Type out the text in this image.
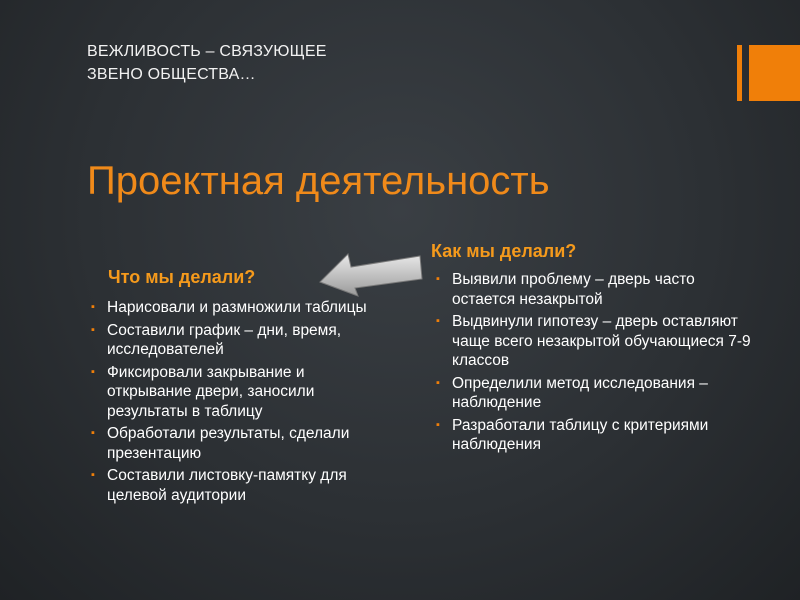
ВЕЖЛИВОСТЬ – СВЯЗУЮЩЕЕ
ЗВЕНО ОБЩЕСТВА…
Проектная деятельность
Что мы делали?
Как мы делали?
▪ Нарисовали и размножили таблицы
▪ Составили график – дни, время, исследователей
▪ Фиксировали закрывание и открывание двери, заносили результаты в таблицу
▪ Обработали результаты, сделали презентацию
▪ Составили листовку-памятку для целевой аудитории
▪ Выявили проблему – дверь часто остается незакрытой
▪ Выдвинули гипотезу – дверь оставляют чаще всего незакрытой обучающиеся 7-9 классов
▪ Определили метод исследования – наблюдение
▪ Разработали таблицу с критериями наблюдения
